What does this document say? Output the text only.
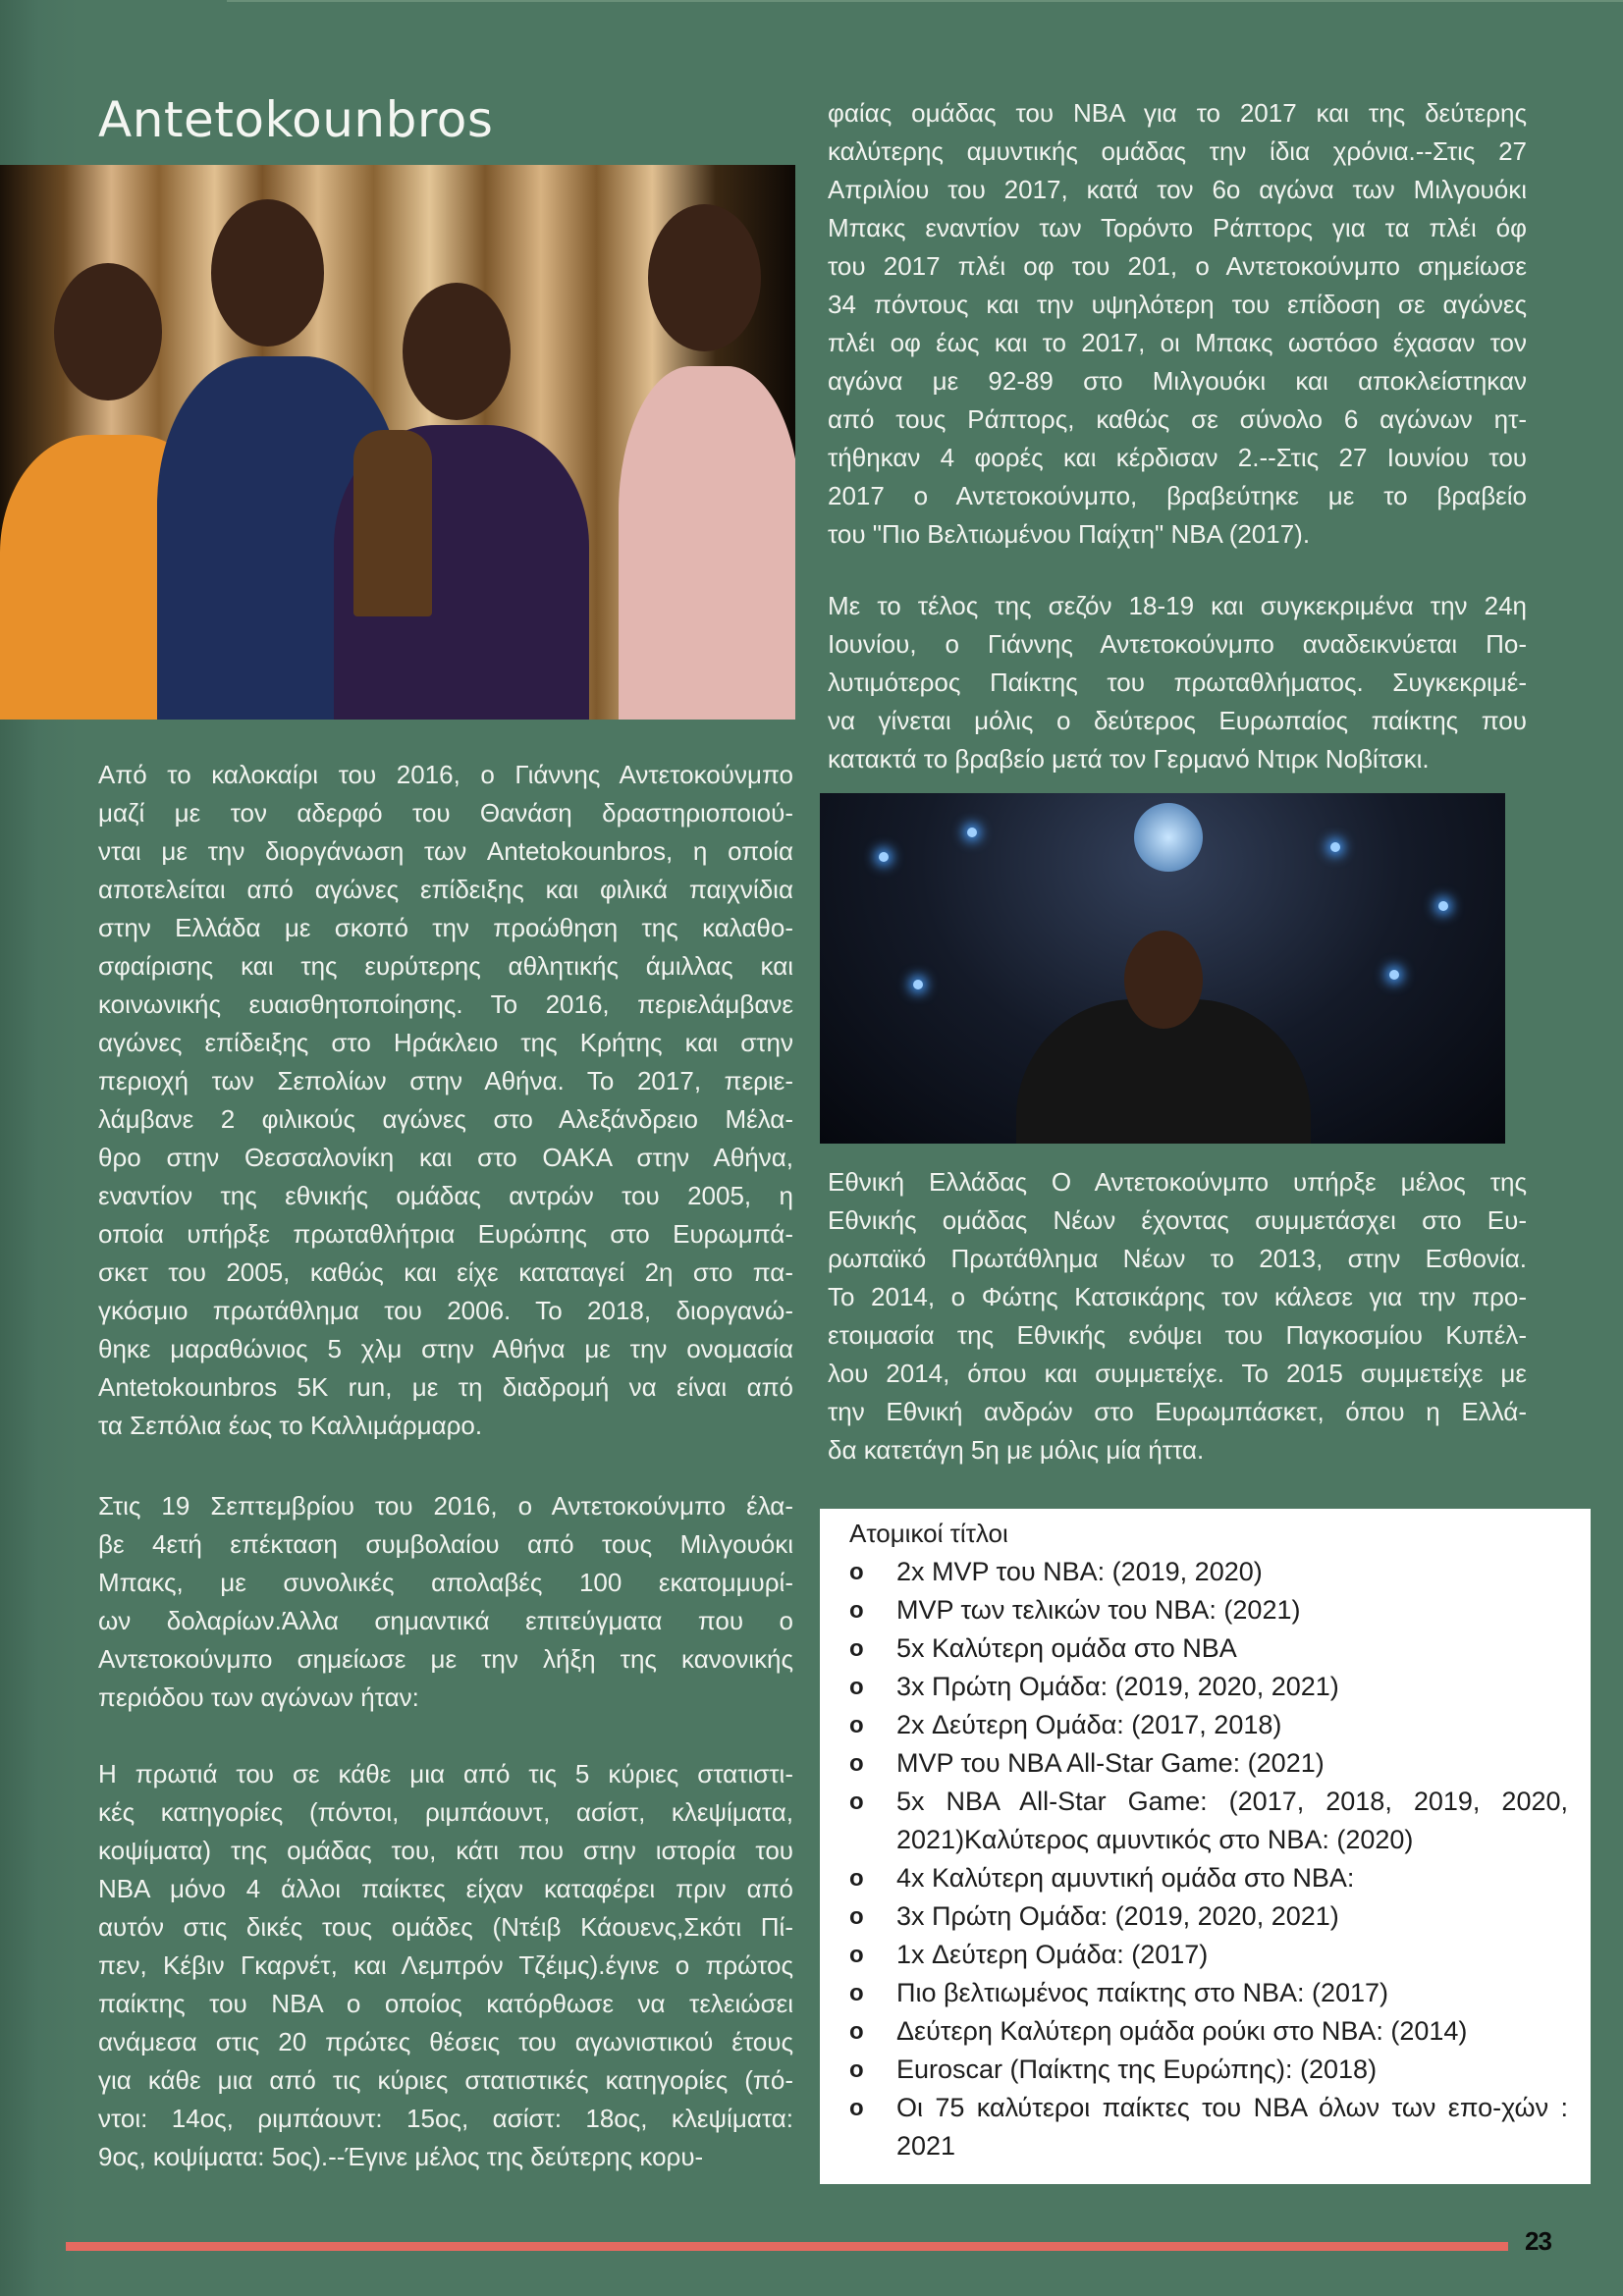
Antetokounbros
Από το καλοκαίρι του 2016, ο Γιάννης Αντετοκούνμπο
μαζί με τον αδερφό του Θανάση δραστηριοποιού-
νται με την διοργάνωση των Antetokounbros, η οποία
αποτελείται από αγώνες επίδειξης και φιλικά παιχνίδια
στην Ελλάδα με σκοπό την προώθηση της καλαθο-
σφαίρισης και της ευρύτερης αθλητικής άμιλλας και
κοινωνικής ευαισθητοποίησης. Το 2016, περιελάμβανε
αγώνες επίδειξης στο Ηράκλειο της Κρήτης και στην
περιοχή των Σεπολίων στην Αθήνα. Το 2017, περιε-
λάμβανε 2 φιλικούς αγώνες στο Αλεξάνδρειο Μέλα-
θρο στην Θεσσαλονίκη και στο ΟΑΚΑ στην Αθήνα,
εναντίον της εθνικής ομάδας αντρών του 2005, η
οποία υπήρξε πρωταθλήτρια Ευρώπης στο Ευρωμπά-
σκετ του 2005, καθώς και είχε καταταγεί 2η στο πα-
γκόσμιο πρωτάθλημα του 2006. Το 2018, διοργανώ-
θηκε μαραθώνιος 5 χλμ στην Αθήνα με την ονομασία
Antetokounbros 5K run, με τη διαδρομή να είναι από
τα Σεπόλια έως το Καλλιμάρμαρο.
Στις 19 Σεπτεμβρίου του 2016, ο Αντετοκούνμπο έλα-
βε 4ετή επέκταση συμβολαίου από τους Μιλγουόκι
Μπακς, με συνολικές απολαβές 100 εκατομμυρί-
ων δολαρίων.Άλλα σημαντικά επιτεύγματα που ο
Αντετοκούνμπο σημείωσε με την λήξη της κανονικής
περιόδου των αγώνων ήταν:
Η πρωτιά του σε κάθε μια από τις 5 κύριες στατιστι-
κές κατηγορίες (πόντοι, ριμπάουντ, ασίστ, κλεψίματα,
κοψίματα) της ομάδας του, κάτι που στην ιστορία του
NBA μόνο 4 άλλοι παίκτες είχαν καταφέρει πριν από
αυτόν στις δικές τους ομάδες (Ντέιβ Κάουενς,Σκότι Πί-
πεν, Κέβιν Γκαρνέτ, και Λεμπρόν Τζέιμς).έγινε ο πρώτος
παίκτης του NBA ο οποίος κατόρθωσε να τελειώσει
ανάμεσα στις 20 πρώτες θέσεις του αγωνιστικού έτους
για κάθε μια από τις κύριες στατιστικές κατηγορίες (πό-
ντοι: 14ος, ριμπάουντ: 15ος, ασίστ: 18ος, κλεψίματα:
9ος, κοψίματα: 5ος).--Έγινε μέλος της δεύτερης κορυ-
φαίας ομάδας του NBA για το 2017 και της δεύτερης
καλύτερης αμυντικής ομάδας την ίδια χρόνια.--Στις 27
Απριλίου του 2017, κατά τον 6ο αγώνα των Μιλγουόκι
Μπακς εναντίον των Τορόντο Ράπτορς για τα πλέι όφ
του 2017 πλέι οφ του 201, ο Αντετοκούνμπο σημείωσε
34 πόντους και την υψηλότερη του επίδοση σε αγώνες
πλέι οφ έως και το 2017, οι Μπακς ωστόσο έχασαν τον
αγώνα με 92-89 στο Μιλγουόκι και αποκλείστηκαν
από τους Ράπτορς, καθώς σε σύνολο 6 αγώνων ητ-
τήθηκαν 4 φορές και κέρδισαν 2.--Στις 27 Ιουνίου του
2017 ο Αντετοκούνμπο, βραβεύτηκε με το βραβείο
του "Πιο Βελτιωμένου Παίχτη" NBA (2017).
Με το τέλος της σεζόν 18-19 και συγκεκριμένα την 24η
Ιουνίου, ο Γιάννης Αντετοκούνμπο αναδεικνύεται Πο-
λυτιμότερος Παίκτης του πρωταθλήματος. Συγκεκριμέ-
να γίνεται μόλις ο δεύτερος Ευρωπαίος παίκτης που
κατακτά το βραβείο μετά τον Γερμανό Ντιρκ Νοβίτσκι.
Εθνική Ελλάδας Ο Αντετοκούνμπο υπήρξε μέλος της
Εθνικής ομάδας Νέων έχοντας συμμετάσχει στο Ευ-
ρωπαϊκό Πρωτάθλημα Νέων το 2013, στην Εσθονία.
Το 2014, ο Φώτης Κατσικάρης τον κάλεσε για την προ-
ετοιμασία της Εθνικής ενόψει του Παγκοσμίου Κυπέλ-
λου 2014, όπου και συμμετείχε. Το 2015 συμμετείχε με
την Εθνική ανδρών στο Ευρωμπάσκετ, όπου η Ελλά-
δα κατετάγη 5η με μόλις μία ήττα.
Ατομικοί τίτλοι
o 2x MVP του NBA: (2019, 2020)
o MVP των τελικών του NBA: (2021)
o 5x Καλύτερη ομάδα στο NBA
o 3x Πρώτη Ομάδα: (2019, 2020, 2021)
o 2x Δεύτερη Ομάδα: (2017, 2018)
o MVP του NBA All-Star Game: (2021)
o 5x NBA All-Star Game: (2017, 2018, 2019, 2020, 2021)Καλύτερος αμυντικός στο NBA: (2020)
o 4x Καλύτερη αμυντική ομάδα στο NBA:
o 3x Πρώτη Ομάδα: (2019, 2020, 2021)
o 1x Δεύτερη Ομάδα: (2017)
o Πιο βελτιωμένος παίκτης στο NBA: (2017)
o Δεύτερη Καλύτερη ομάδα ρούκι στο NBA: (2014)
o Euroscar (Παίκτης της Ευρώπης): (2018)
o Οι 75 καλύτεροι παίκτες του NBA όλων των επο-χών : 2021
23
